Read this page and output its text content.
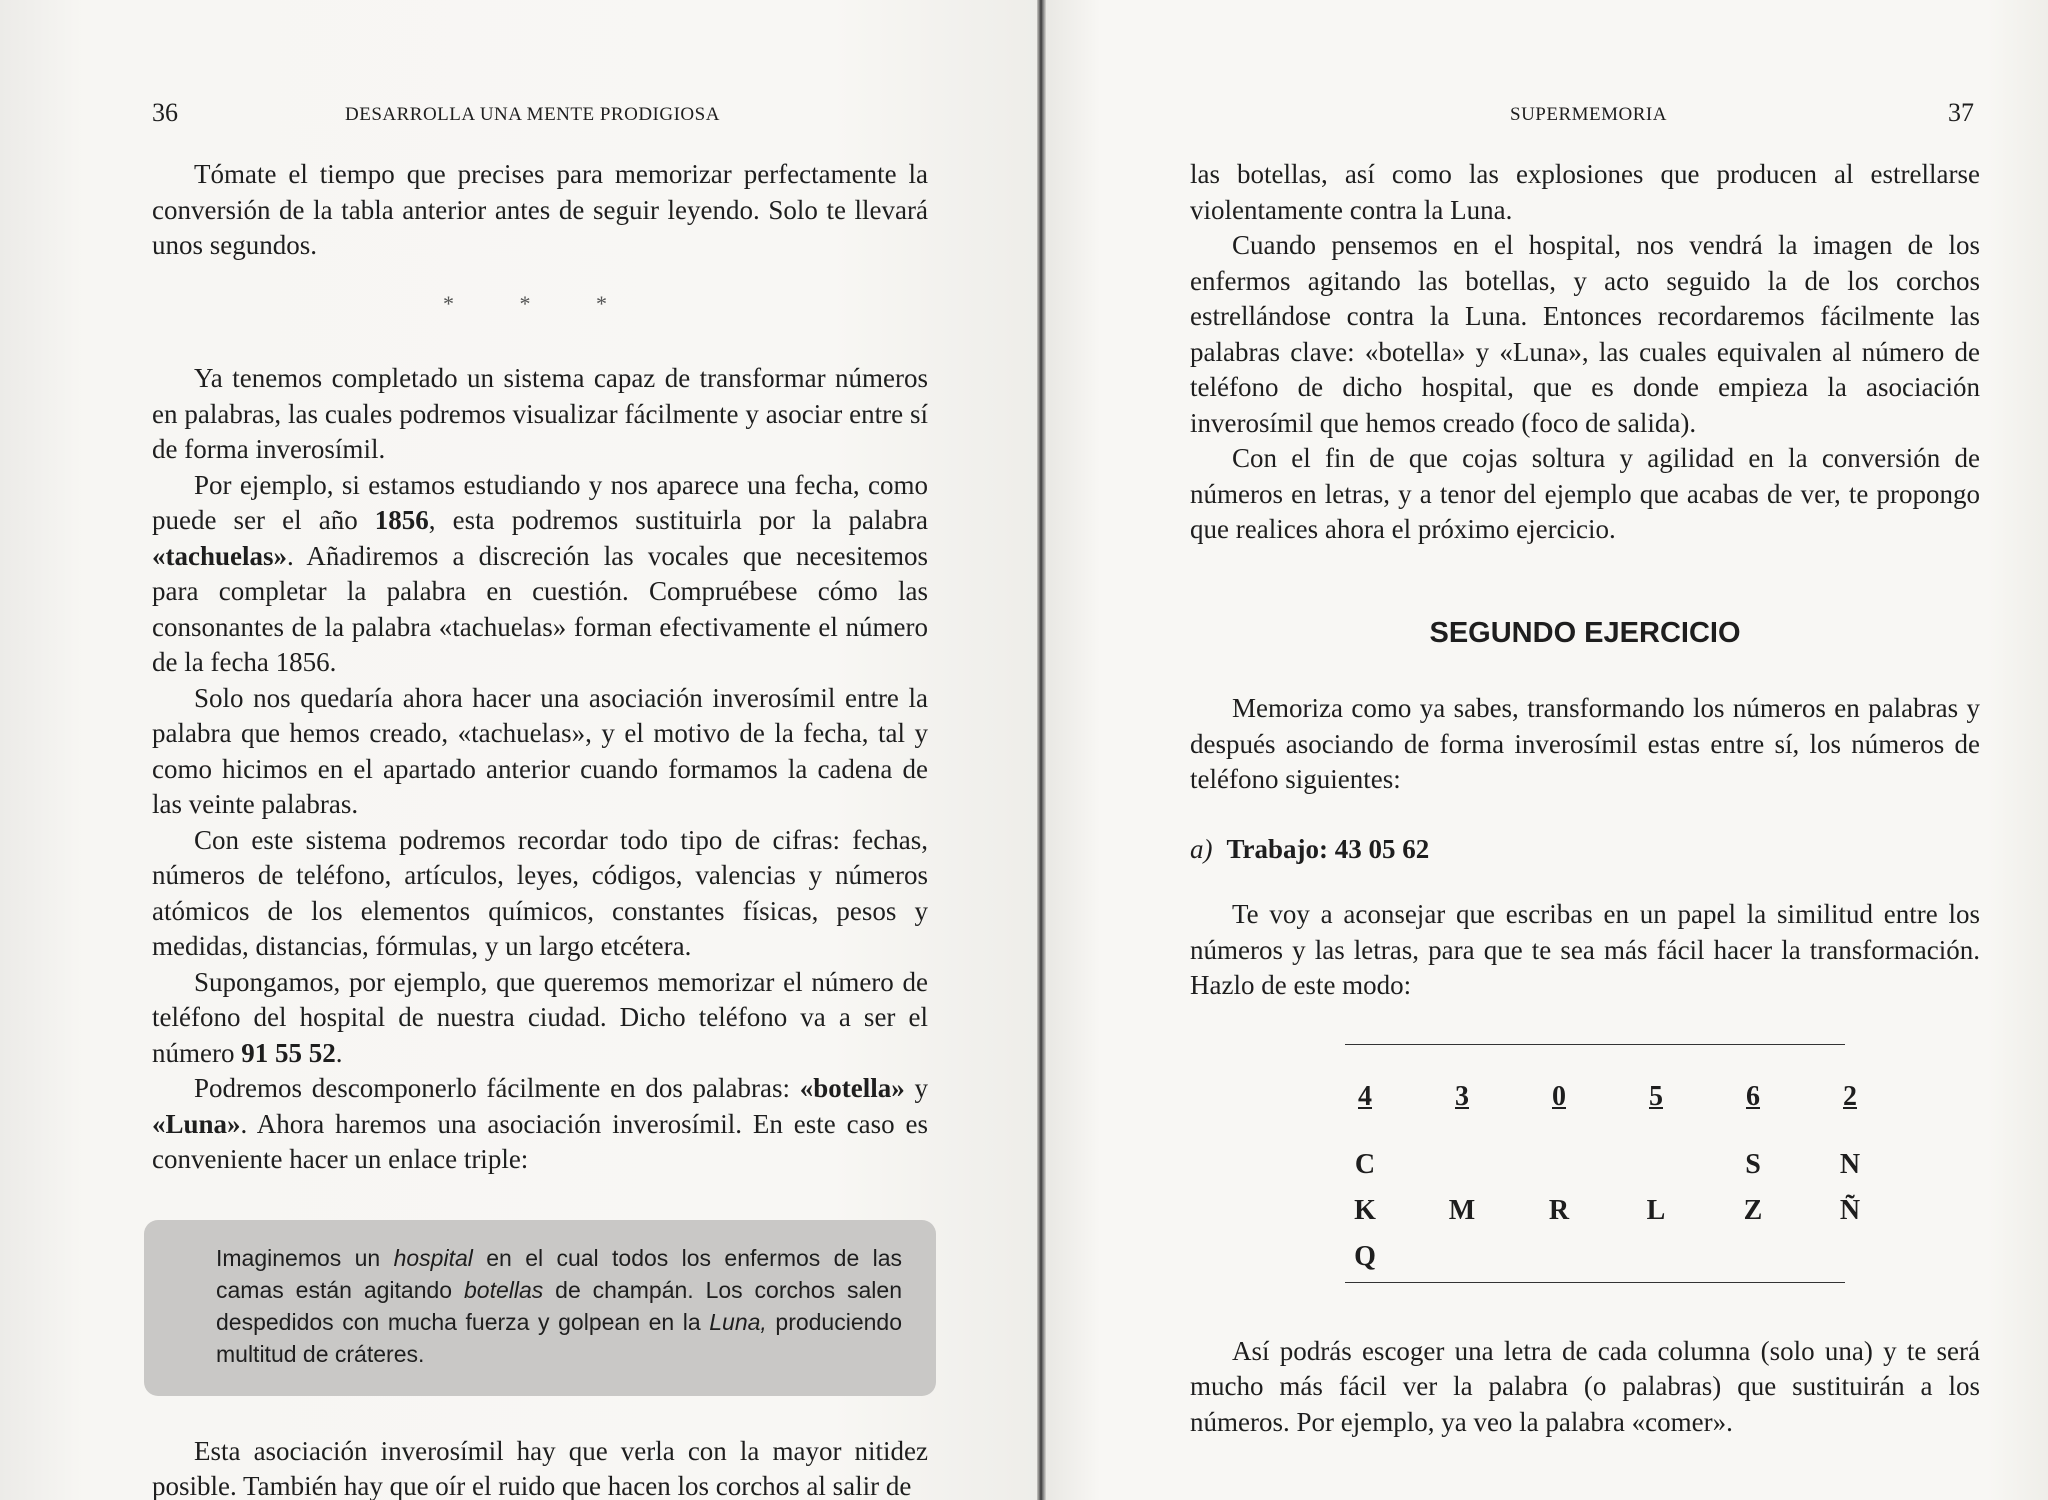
36	DESARROLLA UNA MENTE PRODIGIOSA

Tómate el tiempo que precises para memorizar perfectamente la conversión de la tabla anterior antes de seguir leyendo. Solo te llevará unos segundos.

* * *

Ya tenemos completado un sistema capaz de transformar números en palabras, las cuales podremos visualizar fácilmente y asociar entre sí de forma inverosímil.

Por ejemplo, si estamos estudiando y nos aparece una fecha, como puede ser el año 1856, esta podremos sustituirla por la palabra «tachuelas». Añadiremos a discreción las vocales que necesitemos para completar la palabra en cuestión. Compruébese cómo las consonantes de la palabra «tachuelas» forman efectivamente el número de la fecha 1856.

Solo nos quedaría ahora hacer una asociación inverosímil entre la palabra que hemos creado, «tachuelas», y el motivo de la fecha, tal y como hicimos en el apartado anterior cuando formamos la cadena de las veinte palabras.

Con este sistema podremos recordar todo tipo de cifras: fechas, números de teléfono, artículos, leyes, códigos, valencias y números atómicos de los elementos químicos, constantes físicas, pesos y medidas, distancias, fórmulas, y un largo etcétera.

Supongamos, por ejemplo, que queremos memorizar el número de teléfono del hospital de nuestra ciudad. Dicho teléfono va a ser el número 91 55 52.

Podremos descomponerlo fácilmente en dos palabras: «botella» y «Luna». Ahora haremos una asociación inverosímil. En este caso es conveniente hacer un enlace triple:

Imaginemos un hospital en el cual todos los enfermos de las camas están agitando botellas de champán. Los corchos salen despedidos con mucha fuerza y golpean en la Luna, produciendo multitud de cráteres.

Esta asociación inverosímil hay que verla con la mayor nitidez posible. También hay que oír el ruido que hacen los corchos al salir de

SUPERMEMORIA	37

las botellas, así como las explosiones que producen al estrellarse violentamente contra la Luna.

Cuando pensemos en el hospital, nos vendrá la imagen de los enfermos agitando las botellas, y acto seguido la de los corchos estrellándose contra la Luna. Entonces recordaremos fácilmente las palabras clave: «botella» y «Luna», las cuales equivalen al número de teléfono de dicho hospital, que es donde empieza la asociación inverosímil que hemos creado (foco de salida).

Con el fin de que cojas soltura y agilidad en la conversión de números en letras, y a tenor del ejemplo que acabas de ver, te propongo que realices ahora el próximo ejercicio.

SEGUNDO EJERCICIO

Memoriza como ya sabes, transformando los números en palabras y después asociando de forma inverosímil estas entre sí, los números de teléfono siguientes:

a) Trabajo: 43 05 62

Te voy a aconsejar que escribas en un papel la similitud entre los números y las letras, para que te sea más fácil hacer la transformación. Hazlo de este modo:

4
C
K
Q
3
M
0
R
5
L
6
S
Z
2
N
Ñ

Así podrás escoger una letra de cada columna (solo una) y te será mucho más fácil ver la palabra (o palabras) que sustituirán a los números. Por ejemplo, ya veo la palabra «comer».
